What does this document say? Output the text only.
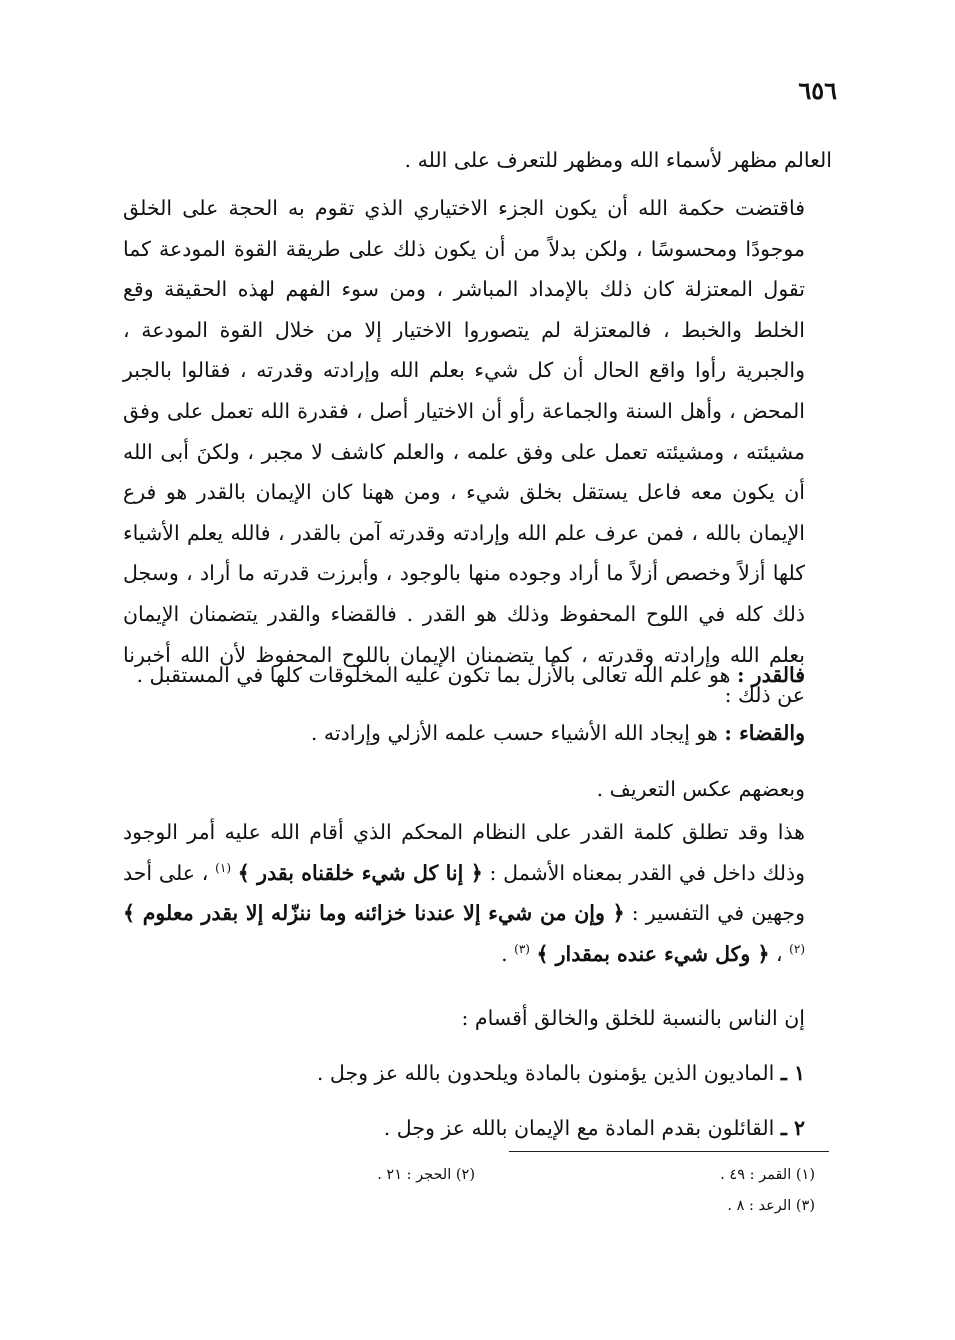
٦٥٦
العالم مظهر لأسماء الله ومظهر للتعرف على الله .
فاقتضت حكمة الله أن يكون الجزء الاختياري الذي تقوم به الحجة على الخلق موجودًا ومحسوسًا ، ولكن بدلاً من أن يكون ذلك على طريقة القوة المودعة كما تقول المعتزلة كان ذلك بالإمداد المباشر ، ومن سوء الفهم لهذه الحقيقة وقع الخلط والخبط ، فالمعتزلة لم يتصوروا الاختيار إلا من خلال القوة المودعة ، والجبرية رأوا واقع الحال أن كل شيء بعلم الله وإرادته وقدرته ، فقالوا بالجبر المحض ، وأهل السنة والجماعة رأو أن الاختيار أصل ، فقدرة الله تعمل على وفق مشيئته ، ومشيئته تعمل على وفق علمه ، والعلم كاشف لا مجبر ، ولكنَ أبى الله أن يكون معه فاعل يستقل بخلق شيء ، ومن ههنا كان الإيمان بالقدر هو فرع الإيمان بالله ، فمن عرف علم الله وإرادته وقدرته آمن بالقدر ، فالله يعلم الأشياء كلها أزلاً وخصص أزلاً ما أراد وجوده منها بالوجود ، وأبرزت قدرته ما أراد ، وسجل ذلك كله في اللوح المحفوظ وذلك هو القدر . فالقضاء والقدر يتضمنان الإيمان بعلم الله وإرادته وقدرته ، كما يتضمنان الإيمان باللوح المحفوظ لأن الله أخبرنا عن ذلك :
فالقدر : هو علم الله تعالى بالأزل بما تكون عليه المخلوقات كلها في المستقبل .
والقضاء : هو إيجاد الله الأشياء حسب علمه الأزلي وإرادته .
وبعضهم عكس التعريف .
هذا وقد تطلق كلمة القدر على النظام المحكم الذي أقام الله عليه أمر الوجود وذلك داخل في القدر بمعناه الأشمل : ﴿ إنا كل شيء خلقناه بقدر ﴾ $^{(١)}$ ، على أحد وجهين في التفسير : ﴿ وإن من شيء إلا عندنا خزائنه وما ننزّله إلا بقدر معلوم ﴾ $^{(٢)}$ ، ﴿ وكل شيء عنده بمقدار ﴾ $^{(٣)}$ .
إن الناس بالنسبة للخلق والخالق أقسام :
١ ـ الماديون الذين يؤمنون بالمادة ويلحدون بالله عز وجل .
٢ ـ القائلون بقدم المادة مع الإيمان بالله عز وجل .
(١) القمر : ٤٩ .
(٢) الحجر : ٢١ .
(٣) الرعد : ٨ .
